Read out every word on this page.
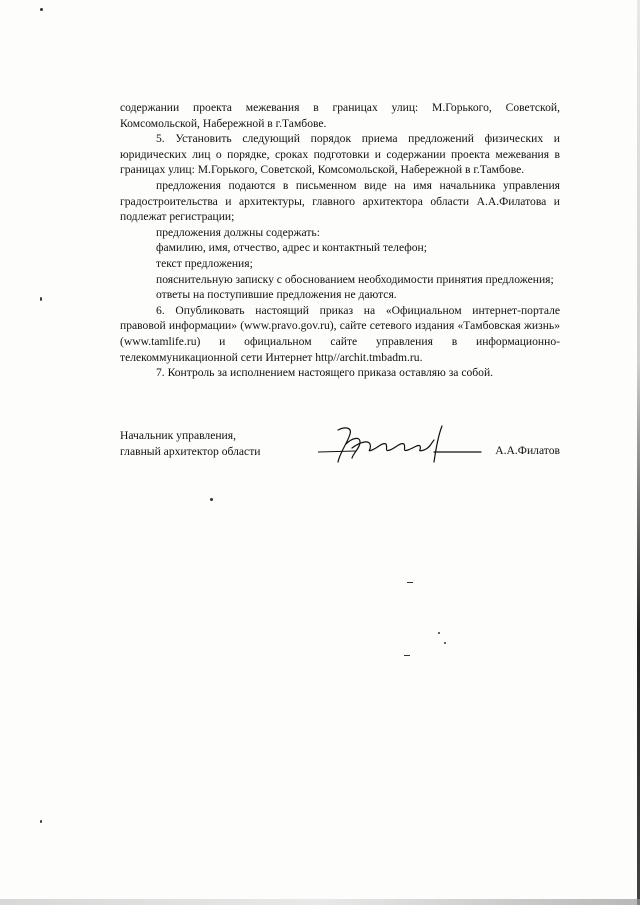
содержании проекта межевания в границах улиц: М.Горького, Советской, Комсомольской, Набережной в г.Тамбове.

5. Установить следующий порядок приема предложений физических и юридических лиц о порядке, сроках подготовки и содержании проекта межевания в границах улиц: М.Горького, Советской, Комсомольской, Набережной в г.Тамбове.

предложения подаются в письменном виде на имя начальника управления градостроительства и архитектуры, главного архитектора области А.А.Филатова и подлежат регистрации;

предложения должны содержать:

фамилию, имя, отчество, адрес и контактный телефон;

текст предложения;

пояснительную записку с обоснованием необходимости принятия предложения;

ответы на поступившие предложения не даются.

6. Опубликовать настоящий приказ на «Официальном интернет-портале правовой информации» (www.pravo.gov.ru), сайте сетевого издания «Тамбовская жизнь» (www.tamlife.ru) и официальном сайте управления в информационно-телекоммуникационной сети Интернет http//archit.tmbadm.ru.

7. Контроль за исполнением настоящего приказа оставляю за собой.

Начальник управления,
главный архитектор области	А.А.Филатов
